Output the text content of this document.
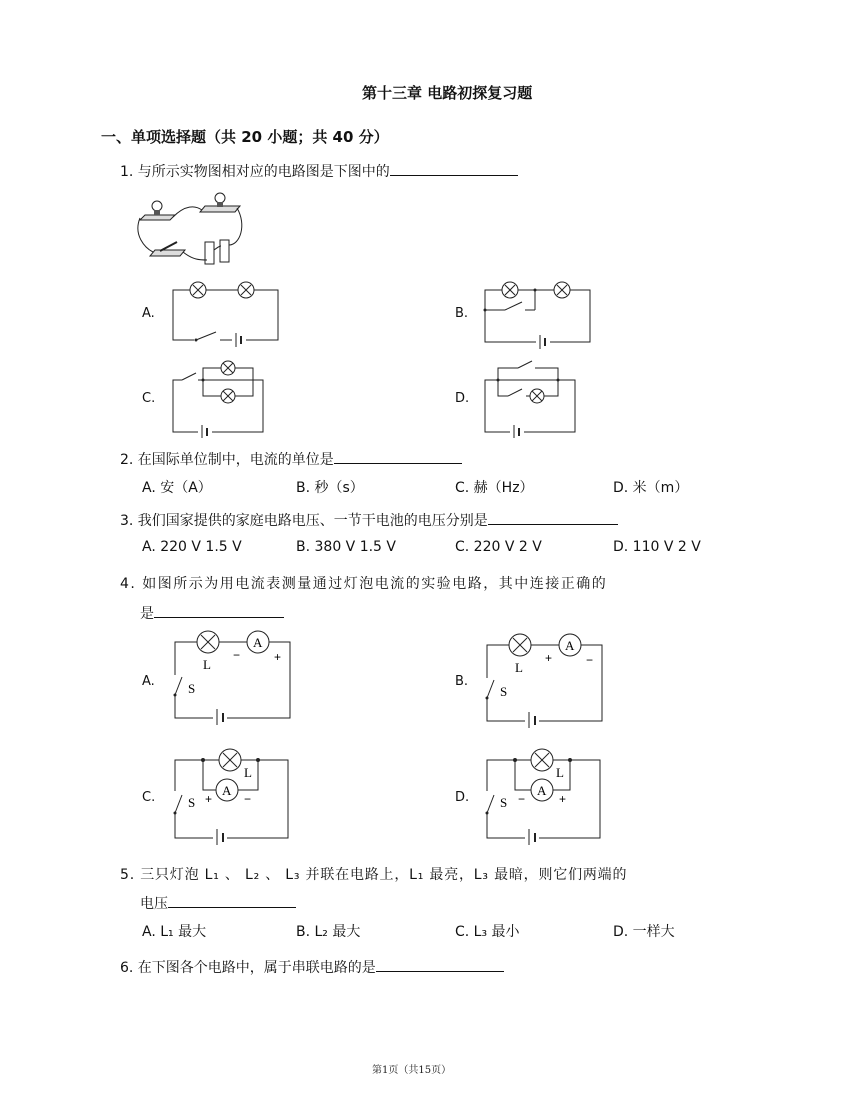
第十三章 电路初探复习题
一、单项选择题（共 20 小题；共 40 分）
1. 与所示实物图相对应的电路图是下图中的
A.	B.
C.	D.
2. 在国际单位制中，电流的单位是
A. 安（A）	B. 秒（s）	C. 赫（Hz）	D. 米（m）
3. 我们国家提供的家庭电路电压、一节干电池的电压分别是
A. 220 V 1.5 V	B. 380 V 1.5 V	C. 220 V 2 V	D. 110 V 2 V
4. 如图所示为用电流表测量通过灯泡电流的实验电路，其中连接正确的
是
A.
A
L
−	+
S	B.
A
L
+	−
S
C.
L
A
+	−
S	D.
L
A
−	+
S
5. 三只灯泡 L₁ 、 L₂ 、 L₃ 并联在电路上，L₁ 最亮，L₃ 最暗，则它们两端的
电压
A. L₁ 最大	B. L₂ 最大	C. L₃ 最小	D. 一样大
6. 在下图各个电路中，属于串联电路的是
第1页（共15页）
